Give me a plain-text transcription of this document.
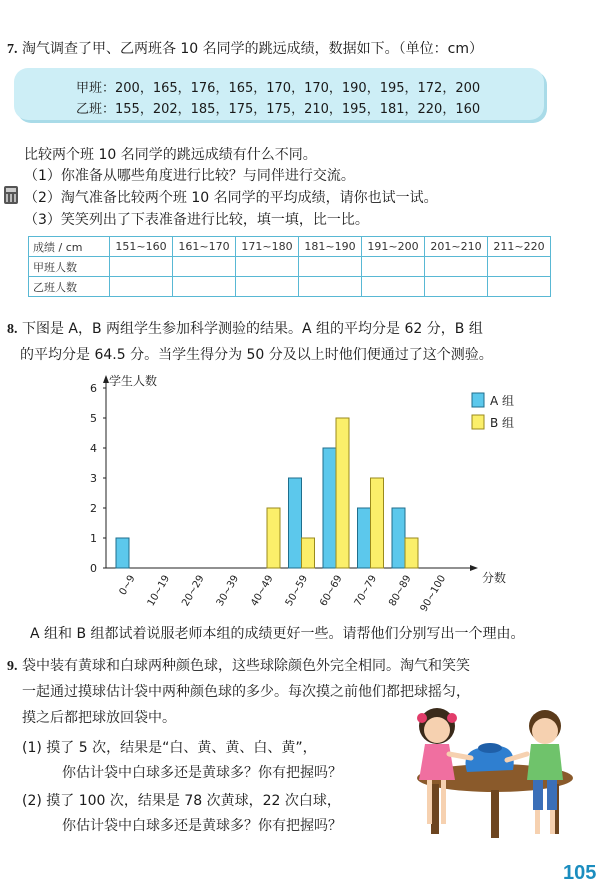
7. 淘气调查了甲、乙两班各 10 名同学的跳远成绩，数据如下。（单位：cm）
甲班：200，165，176，165，170，170，190，195，172，200
乙班：155，202，185，175，175，210，195，181，220，160
比较两个班 10 名同学的跳远成绩有什么不同。
（1）你准备从哪些角度进行比较？与同伴进行交流。
（2）淘气准备比较两个班 10 名同学的平均成绩，请你也试一试。
（3）笑笑列出了下表准备进行比较，填一填，比一比。
成绩 / cm	151~160	161~170	171~180	181~190	191~200	201~210	211~220
甲班人数							
乙班人数							
8. 下图是 A，B 两组学生参加科学测验的结果。A 组的平均分是 62 分，B 组
的平均分是 64.5 分。当学生得分为 50 分及以上时他们便通过了这个测验。
0
1
2
3
4
5
6
学生人数
分数
0~9 10~19 20~29 30~39 40~49 50~59 60~69 70~79 80~89 90~100
A 组
B 组
A 组和 B 组都试着说服老师本组的成绩更好一些。请帮他们分别写出一个理由。
9. 袋中装有黄球和白球两种颜色球，这些球除颜色外完全相同。淘气和笑笑
一起通过摸球估计袋中两种颜色球的多少。每次摸之前他们都把球摇匀，
摸之后都把球放回袋中。
(1) 摸了 5 次，结果是“白、黄、黄、白、黄”，
你估计袋中白球多还是黄球多？你有把握吗？
(2) 摸了 100 次，结果是 78 次黄球，22 次白球，
你估计袋中白球多还是黄球多？你有把握吗？
105
